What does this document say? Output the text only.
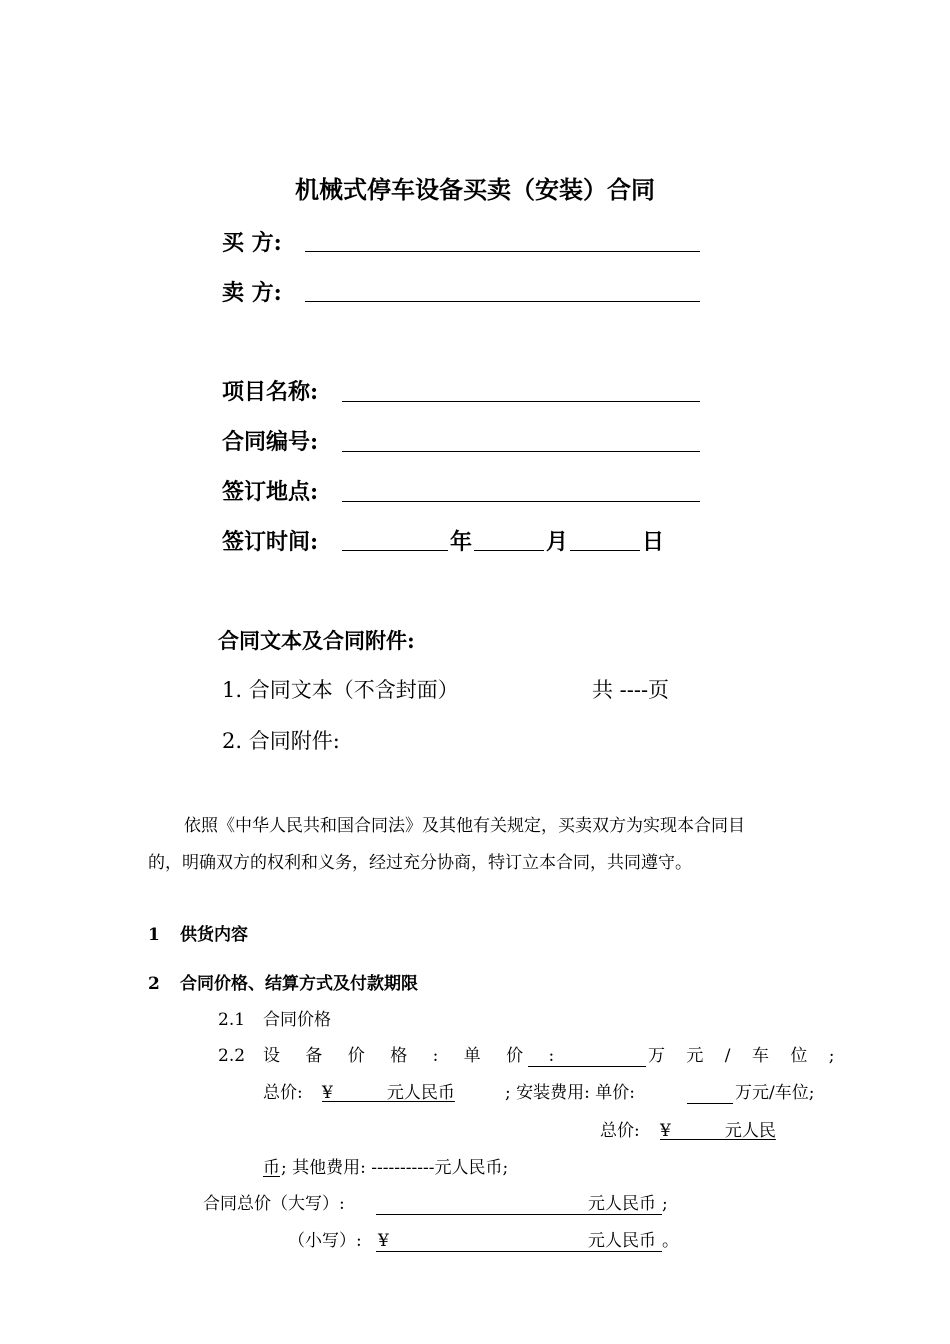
机械式停车设备买卖（安装）合同
买 方:
卖 方:
项目名称:
合同编号:
签订地点:
签订时间:	年	月	日
合同文本及合同附件:
1. 合同文本（不含封面）	共 ----页
2. 合同附件:
依照《中华人民共和国合同法》及其他有关规定，买卖双方为实现本合同目
的，明确双方的权利和义务，经过充分协商，特订立本合同，共同遵守。
1 供货内容
2 合同价格、结算方式及付款期限
2.1 合同价格
2.2 设 备 价 格 : 单 价 :	万 元 / 车 位 ;
总价: ¥          元人民币	; 安装费用: 单价:	万元/车位;
总价: ¥          元人民
币 ; 其他费用: -----------元人民币;
合同总价（大写）:	元人民币 ;
（小写）: ¥	元人民币 。
